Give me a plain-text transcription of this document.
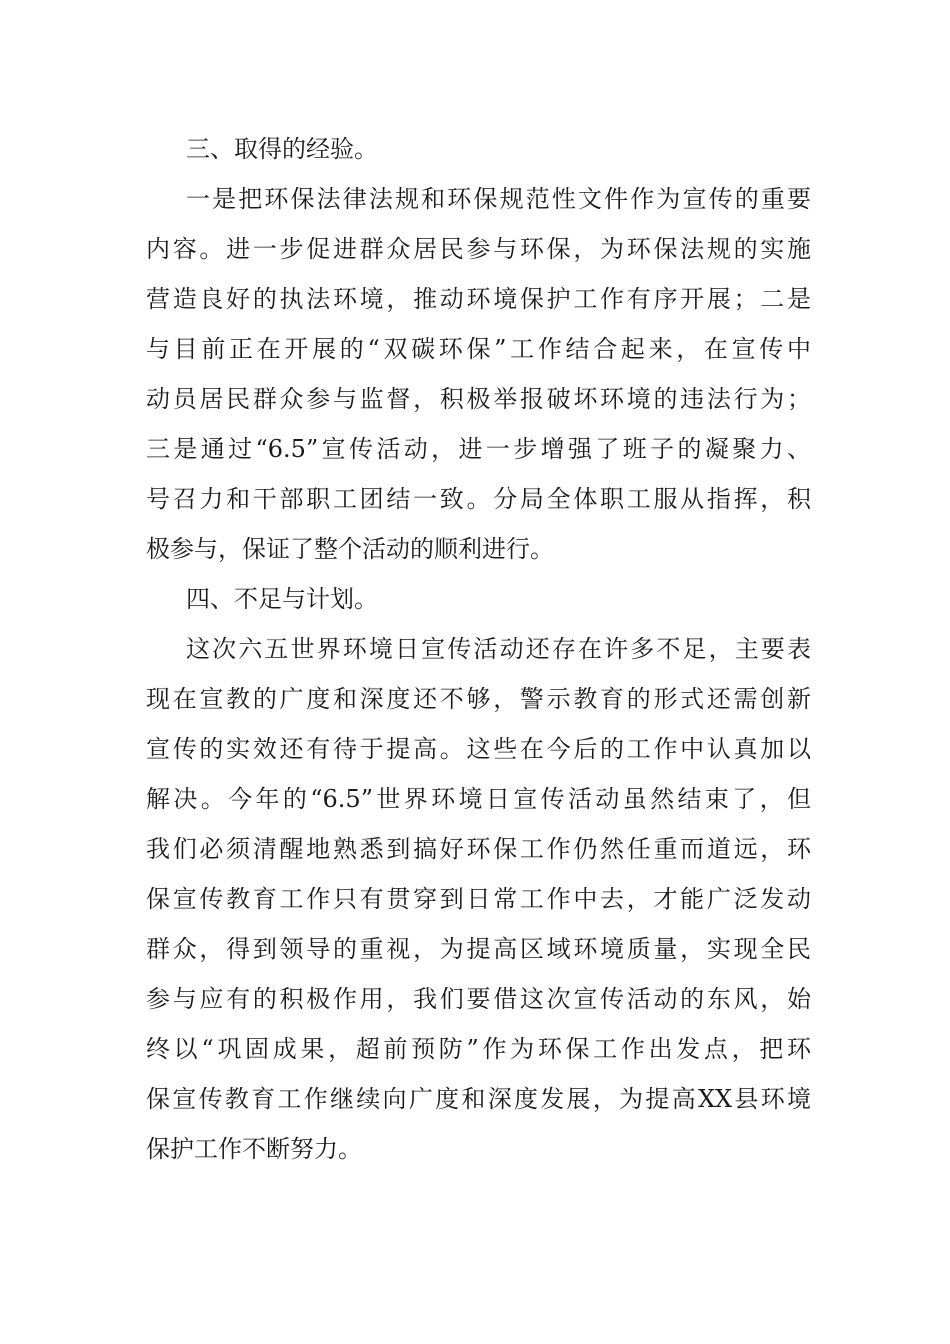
三、取得的经验。
一是把环保法律法规和环保规范性文件作为宣传的重要
内容。进一步促进群众居民参与环保，为环保法规的实施
营造良好的执法环境，推动环境保护工作有序开展；二是
与目前正在开展的“双碳环保”工作结合起来，在宣传中
动员居民群众参与监督，积极举报破坏环境的违法行为；
三是通过“6.5”宣传活动，进一步增强了班子的凝聚力、
号召力和干部职工团结一致。分局全体职工服从指挥，积
极参与，保证了整个活动的顺利进行。
四、不足与计划。
这次六五世界环境日宣传活动还存在许多不足，主要表
现在宣教的广度和深度还不够，警示教育的形式还需创新
宣传的实效还有待于提高。这些在今后的工作中认真加以
解决。今年的“6.5”世界环境日宣传活动虽然结束了，但
我们必须清醒地熟悉到搞好环保工作仍然任重而道远，环
保宣传教育工作只有贯穿到日常工作中去，才能广泛发动
群众，得到领导的重视，为提高区域环境质量，实现全民
参与应有的积极作用，我们要借这次宣传活动的东风，始
终以“巩固成果，超前预防”作为环保工作出发点，把环
保宣传教育工作继续向广度和深度发展，为提高XX县环境
保护工作不断努力。
